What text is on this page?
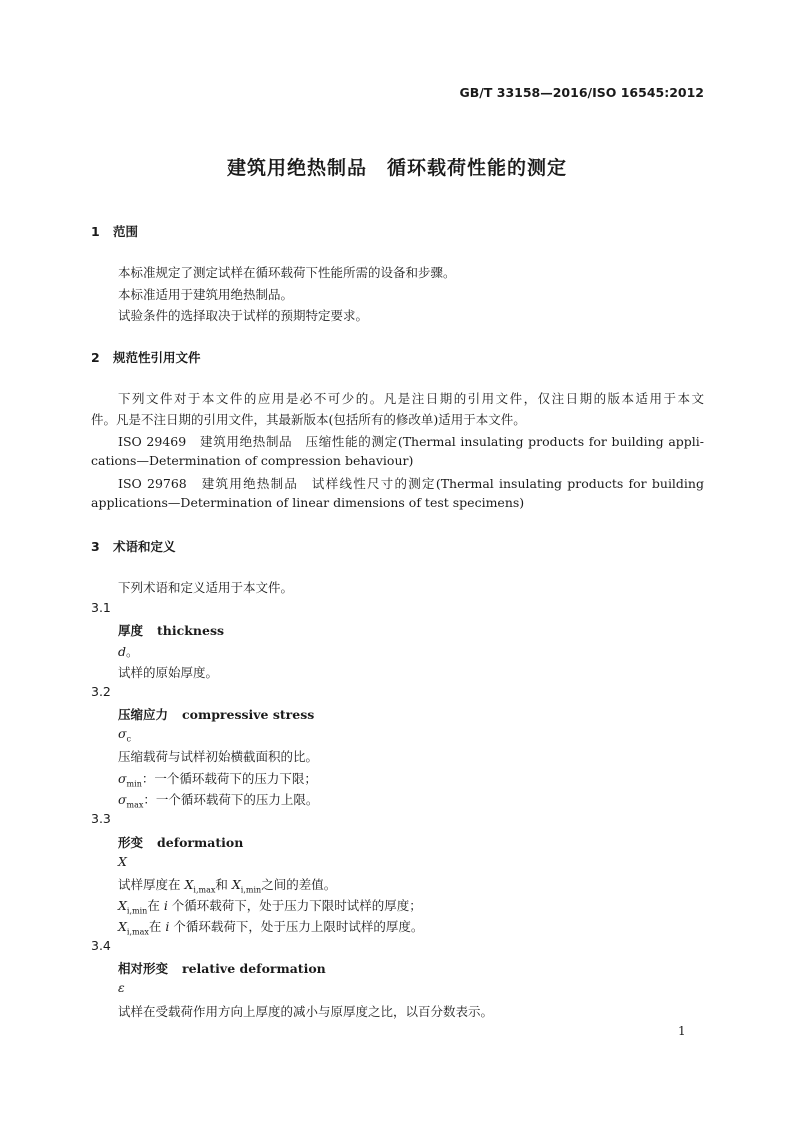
GB/T 33158—2016/ISO 16545:2012
建筑用绝热制品　循环载荷性能的测定
1 范围
本标准规定了测定试样在循环载荷下性能所需的设备和步骤。
本标准适用于建筑用绝热制品。
试验条件的选择取决于试样的预期特定要求。
2 规范性引用文件
下列文件对于本文件的应用是必不可少的。凡是注日期的引用文件，仅注日期的版本适用于本文
件。凡是不注日期的引用文件，其最新版本(包括所有的修改单)适用于本文件。
ISO 29469　建筑用绝热制品　压缩性能的测定(Thermal insulating products for building appli-
cations—Determination of compression behaviour)
ISO 29768　建筑用绝热制品　试样线性尺寸的测定(Thermal insulating products for building
applications—Determination of linear dimensions of test specimens)
3 术语和定义
下列术语和定义适用于本文件。
3.1
厚度 thickness
d。
试样的原始厚度。
3.2
压缩应力 compressive stress
$\sigma_c$
压缩载荷与试样初始横截面积的比。
$\sigma_{min}$：一个循环载荷下的压力下限；
$\sigma_{max}$：一个循环载荷下的压力上限。
3.3
形变 deformation
X
试样厚度在 $X_{i,max}$和 $X_{i,min}$之间的差值。
$X_{i,min}$在 i 个循环载荷下，处于压力下限时试样的厚度；
$X_{i,max}$在 i 个循环载荷下，处于压力上限时试样的厚度。
3.4
相对形变 relative deformation
ε
试样在受载荷作用方向上厚度的减小与原厚度之比，以百分数表示。
1
